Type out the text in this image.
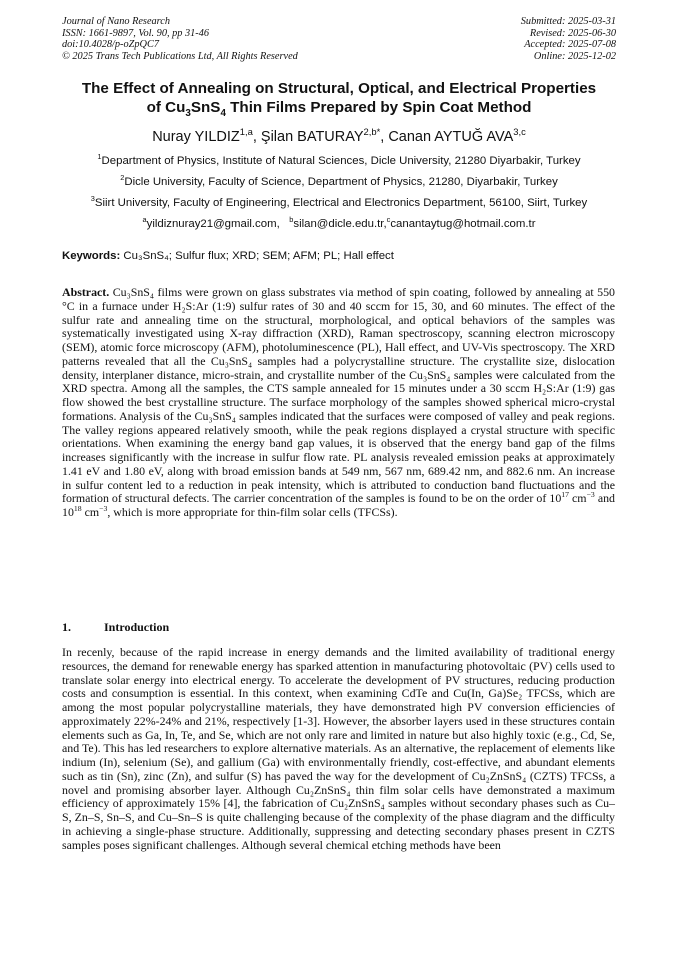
Journal of Nano Research
ISSN: 1661-9897, Vol. 90, pp 31-46
doi:10.4028/p-oZpQC7
© 2025 Trans Tech Publications Ltd, All Rights Reserved
Submitted: 2025-03-31
Revised: 2025-06-30
Accepted: 2025-07-08
Online: 2025-12-02
The Effect of Annealing on Structural, Optical, and Electrical Properties
of $Cu_3SnS_4$ Thin Films Prepared by Spin Coat Method
Nuray YILDIZ$^{1,a}$, Şilan $BATURAY^{2,b*}$, Canan AYTUĞ AVA$^{3,c}$
$^1$Department of Physics, Institute of Natural Sciences, Dicle University, 21280 Diyarbakir, Turkey
$^2$Dicle University, Faculty of Science, Department of Physics, 21280, Diyarbakir, Turkey
$^3$Siirt University, Faculty of Engineering, Electrical and Electronics Department, 56100, Siirt, Turkey
$^a$yildiznuray21@gmail.com, $^b$silan@dicle.edu.tr,$^c$canantaytug@hotmail.com.tr
Keywords: Cu₃SnS₄; Sulfur flux; XRD; SEM; AFM; PL; Hall effect
Abstract. Cu₃SnS₄ films were grown on glass substrates via method of spin coating, followed by annealing at 550 °C in a furnace under H₂S:Ar (1:9) sulfur rates of 30 and 40 sccm for 15, 30, and 60 minutes. The effect of the sulfur rate and annealing time on the structural, morphological, and optical behaviors of the samples was systematically investigated using X-ray diffraction (XRD), Raman spectroscopy, scanning electron microscopy (SEM), atomic force microscopy (AFM), photoluminescence (PL), Hall effect, and UV-Vis spectroscopy. The XRD patterns revealed that all the Cu₃SnS₄ samples had a polycrystalline structure. The crystallite size, dislocation density, interplaner distance, micro-strain, and crystallite number of the Cu₃SnS₄ samples were calculated from the XRD spectra. Among all the samples, the CTS sample annealed for 15 minutes under a 30 sccm H₂S:Ar (1:9) gas flow showed the best crystalline structure. The surface morphology of the samples showed spherical micro-crystal formations. Analysis of the Cu₃SnS₄ samples indicated that the surfaces were composed of valley and peak regions. The valley regions appeared relatively smooth, while the peak regions displayed a crystal structure with specific orientations. When examining the energy band gap values, it is observed that the energy band gap of the films increases significantly with the increase in sulfur flow rate. PL analysis revealed emission peaks at approximately 1.41 eV and 1.80 eV, along with broad emission bands at 549 nm, 567 nm, 689.42 nm, and 882.6 nm. An increase in sulfur content led to a reduction in peak intensity, which is attributed to conduction band fluctuations and the formation of structural defects. The carrier concentration of the samples is found to be on the order of $10^{17}$ $cm^{-3}$ and $10^{18}$ $cm^{-3}$, which is more appropriate for thin-film solar cells (TFCSs).
1.	Introduction
In recenly, because of the rapid increase in energy demands and the limited availability of traditional energy resources, the demand for renewable energy has sparked attention in manufacturing photovoltaic (PV) cells used to translate solar energy into electrical energy. To accelerate the development of PV structures, reducing production costs and consumption is essential. In this context, when examining CdTe and Cu(In, Ga)Se₂ TFCSs, which are among the most popular polycrystalline materials, they have demonstrated high PV conversion efficiencies of approximately 22%-24% and 21%, respectively [1-3]. However, the absorber layers used in these structures contain elements such as Ga, In, Te, and Se, which are not only rare and limited in nature but also highly toxic (e.g., Cd, Se, and Te). This has led researchers to explore alternative materials. As an alternative, the replacement of elements like indium (In), selenium (Se), and gallium (Ga) with environmentally friendly, cost-effective, and abundant elements such as tin (Sn), zinc (Zn), and sulfur (S) has paved the way for the development of Cu₂ZnSnS₄ (CZTS) TFCSs, a novel and promising absorber layer. Although Cu₂ZnSnS₄ thin film solar cells have demonstrated a maximum efficiency of approximately 15% [4], the fabrication of Cu₂ZnSnS₄ samples without secondary phases such as Cu–S, Zn–S, Sn–S, and Cu–Sn–S is quite challenging because of the complexity of the phase diagram and the difficulty in achieving a single-phase structure. Additionally, suppressing and detecting secondary phases present in CZTS samples poses significant challenges. Although several chemical etching methods have been
